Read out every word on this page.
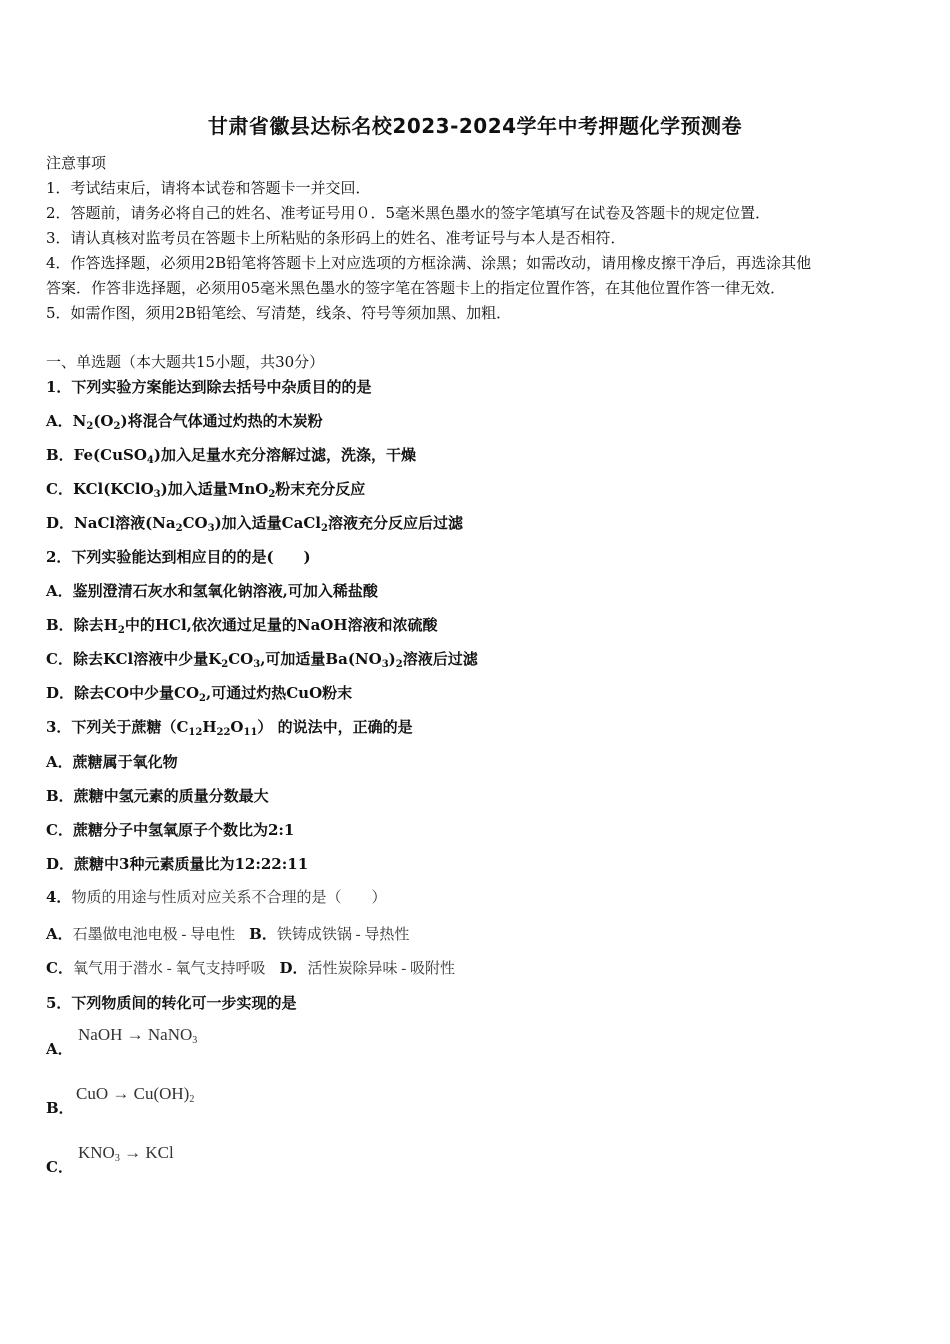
甘肃省徽县达标名校2023-2024学年中考押题化学预测卷
注意事项
1．考试结束后，请将本试卷和答题卡一并交回．
2．答题前，请务必将自己的姓名、准考证号用０．5毫米黑色墨水的签字笔填写在试卷及答题卡的规定位置．
3．请认真核对监考员在答题卡上所粘贴的条形码上的姓名、准考证号与本人是否相符．
4．作答选择题，必须用2B铅笔将答题卡上对应选项的方框涂满、涂黑；如需改动，请用橡皮擦干净后，再选涂其他
答案．作答非选择题，必须用05毫米黑色墨水的签字笔在答题卡上的指定位置作答，在其他位置作答一律无效．
5．如需作图，须用2B铅笔绘、写清楚，线条、符号等须加黑、加粗．
一、单选题（本大题共15小题，共30分）
1．下列实验方案能达到除去括号中杂质目的的是
A．$N_2(O_2)$将混合气体通过灼热的木炭粉
B．Fe(CuSO$_4$)加入足量水充分溶解过滤，洗涤，干燥
C．KCl(KClO$_3$)加入适量MnO$_2$粉末充分反应
D．NaCl溶液$(Na_2CO_3)$加入适量CaCl$_2$溶液充分反应后过滤
2．下列实验能达到相应目的的是(　　)
A．鉴别澄清石灰水和氢氧化钠溶液,可加入稀盐酸
B．除去$H_2$中的HCl,依次通过足量的NaOH溶液和浓硫酸
C．除去KCl溶液中少量$K_2CO_3$,可加适量$Ba(NO_3)_2$溶液后过滤
D．除去CO中少量$CO_2$,可通过灼热CuO粉末
3．下列关于蔗糖$(C_{12}H_{22}O_{11})$ 的说法中，正确的是
A．蔗糖属于氧化物
B．蔗糖中氢元素的质量分数最大
C．蔗糖分子中氢氧原子个数比为2:1
D．蔗糖中3种元素质量比为12:22:11
4．物质的用途与性质对应关系不合理的是（　　）
A．石墨做电池电极 - 导电性 B．铁铸成铁锅 - 导热性
C．氧气用于潜水 - 氧气支持呼吸 D．活性炭除异味 - 吸附性
5．下列物质间的转化可一步实现的是
A．
NaOH → NaNO$_3$
B．
CuO → $Cu(OH)_2$
C．
$KNO_3$ → KCl
